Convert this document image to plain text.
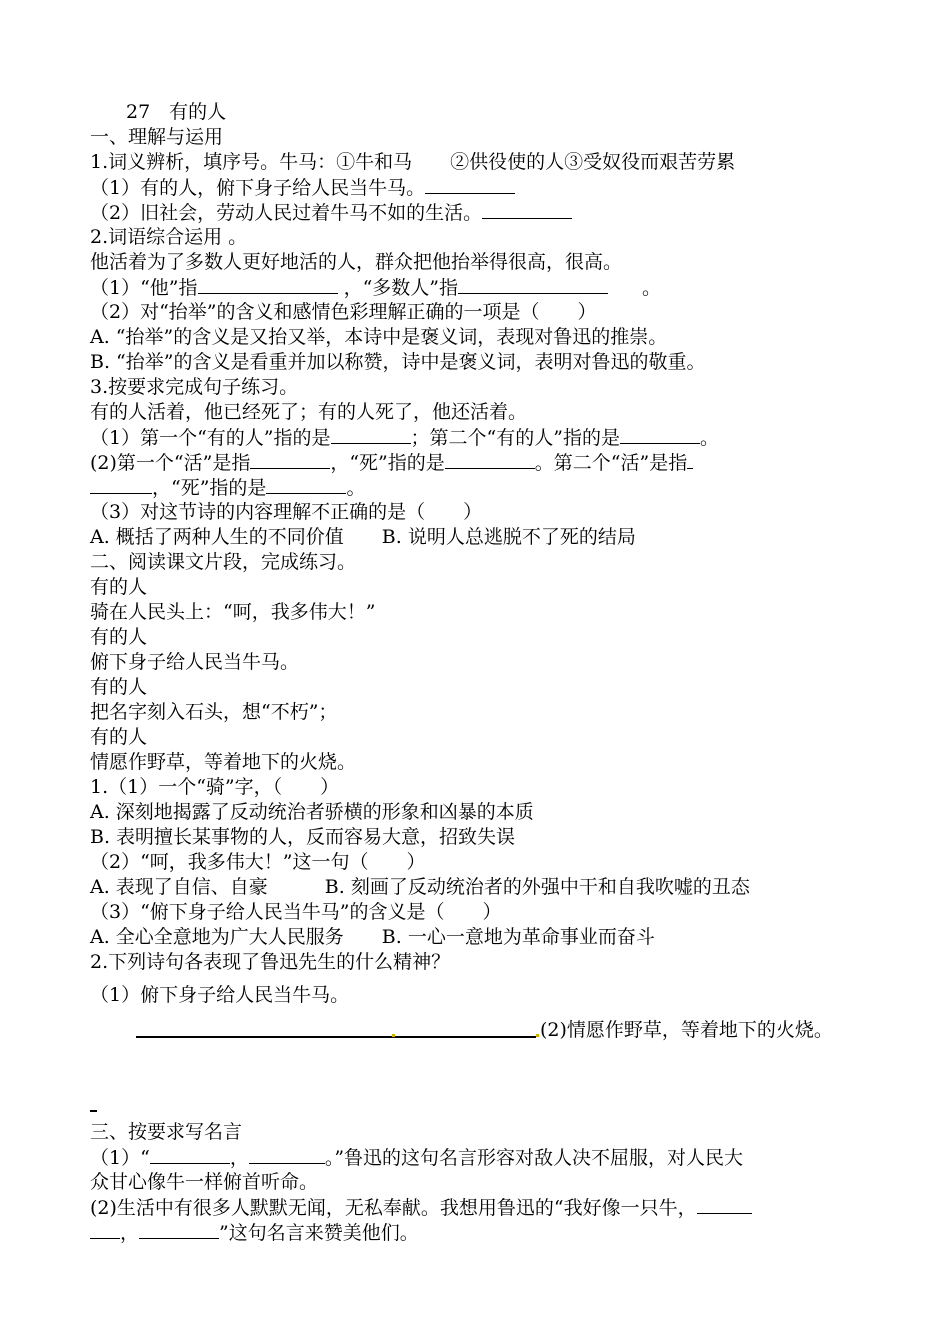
27　有的人
一、理解与运用
1.词义辨析，填序号。牛马：①牛和马　　②供役使的人③受奴役而艰苦劳累
（1）有的人，俯下身子给人民当牛马。
（2）旧社会，劳动人民过着牛马不如的生活。
2.词语综合运用 。
他活着为了多数人更好地活的人，群众把他抬举得很高，很高。
（1）“他”指	，“多数人”指	。
（2）对“抬举”的含义和感情色彩理解正确的一项是（　　）
A. “抬举”的含义是又抬又举，本诗中是褒义词，表现对鲁迅的推崇。
B. “抬举”的含义是看重并加以称赞，诗中是褒义词，表明对鲁迅的敬重。
3.按要求完成句子练习。
有的人活着，他已经死了；有的人死了，他还活着。
（1）第一个“有的人”指的是	；第二个“有的人”指的是	。
(2)第一个“活”是指	，“死”指的是	。第二个“活”是指
，“死”指的是	。
（3）对这节诗的内容理解不正确的是（　　）
A. 概括了两种人生的不同价值　　B. 说明人总逃脱不了死的结局
二、阅读课文片段，完成练习。
有的人
骑在人民头上：“呵，我多伟大！”
有的人
俯下身子给人民当牛马。
有的人
把名字刻入石头，想“不朽”；
有的人
情愿作野草，等着地下的火烧。
1.（1）一个“骑”字，（　　）
A. 深刻地揭露了反动统治者骄横的形象和凶暴的本质
B. 表明擅长某事物的人，反而容易大意，招致失误
（2）“呵，我多伟大！”这一句（　　）
A. 表现了自信、自豪　　　B. 刻画了反动统治者的外强中干和自我吹嘘的丑态
（3）“俯下身子给人民当牛马”的含义是（　　）
A. 全心全意地为广大人民服务　　B. 一心一意地为革命事业而奋斗
2.下列诗句各表现了鲁迅先生的什么精神？
（1）俯下身子给人民当牛马。
(2)情愿作野草，等着地下的火烧。
三、按要求写名言
（1）“	，	。”鲁迅的这句名言形容对敌人决不屈服，对人民大
众甘心像牛一样俯首听命。
(2)生活中有很多人默默无闻，无私奉献。我想用鲁迅的“我好像一只牛，
，	”这句名言来赞美他们。
